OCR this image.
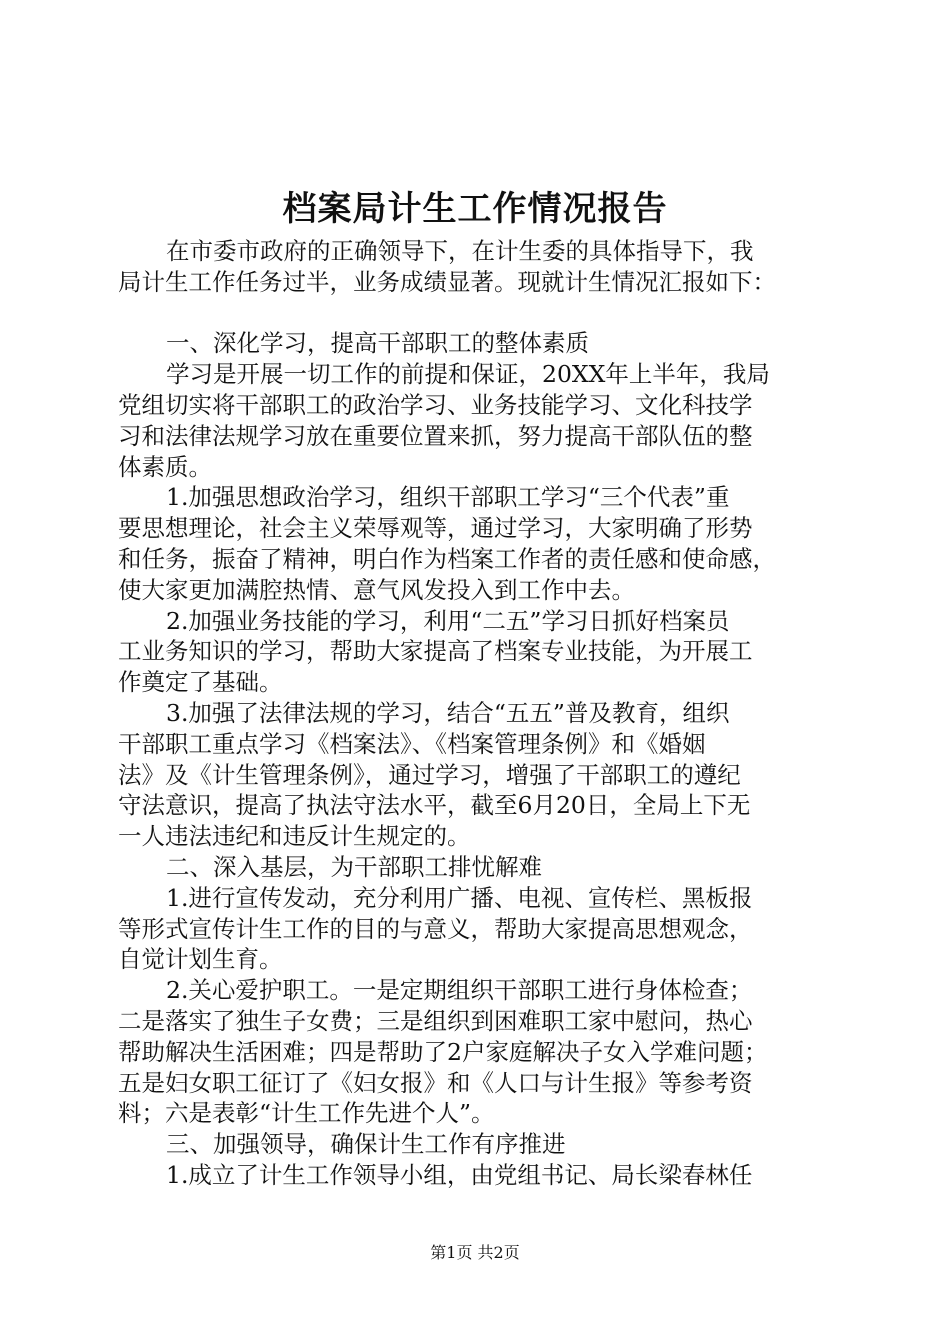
档案局计生工作情况报告
在市委市政府的正确领导下，在计生委的具体指导下，我
局计生工作任务过半，业务成绩显著。现就计生情况汇报如下：
一、深化学习，提高干部职工的整体素质
学习是开展一切工作的前提和保证，20XX年上半年，我局
党组切实将干部职工的政治学习、业务技能学习、文化科技学
习和法律法规学习放在重要位置来抓，努力提高干部队伍的整
体素质。
1.加强思想政治学习，组织干部职工学习“三个代表”重
要思想理论，社会主义荣辱观等，通过学习，大家明确了形势
和任务，振奋了精神，明白作为档案工作者的责任感和使命感，
使大家更加满腔热情、意气风发投入到工作中去。
2.加强业务技能的学习，利用“二五”学习日抓好档案员
工业务知识的学习，帮助大家提高了档案专业技能，为开展工
作奠定了基础。
3.加强了法律法规的学习，结合“五五”普及教育，组织
干部职工重点学习《档案法》、《档案管理条例》和《婚姻
法》及《计生管理条例》，通过学习，增强了干部职工的遵纪
守法意识，提高了执法守法水平，截至6月20日，全局上下无
一人违法违纪和违反计生规定的。
二、深入基层，为干部职工排忧解难
1.进行宣传发动，充分利用广播、电视、宣传栏、黑板报
等形式宣传计生工作的目的与意义，帮助大家提高思想观念，
自觉计划生育。
2.关心爱护职工。一是定期组织干部职工进行身体检查；
二是落实了独生子女费；三是组织到困难职工家中慰问，热心
帮助解决生活困难；四是帮助了2户家庭解决子女入学难问题；
五是妇女职工征订了《妇女报》和《人口与计生报》等参考资
料；六是表彰“计生工作先进个人”。
三、加强领导，确保计生工作有序推进
1.成立了计生工作领导小组，由党组书记、局长梁春林任
第1页 共2页
